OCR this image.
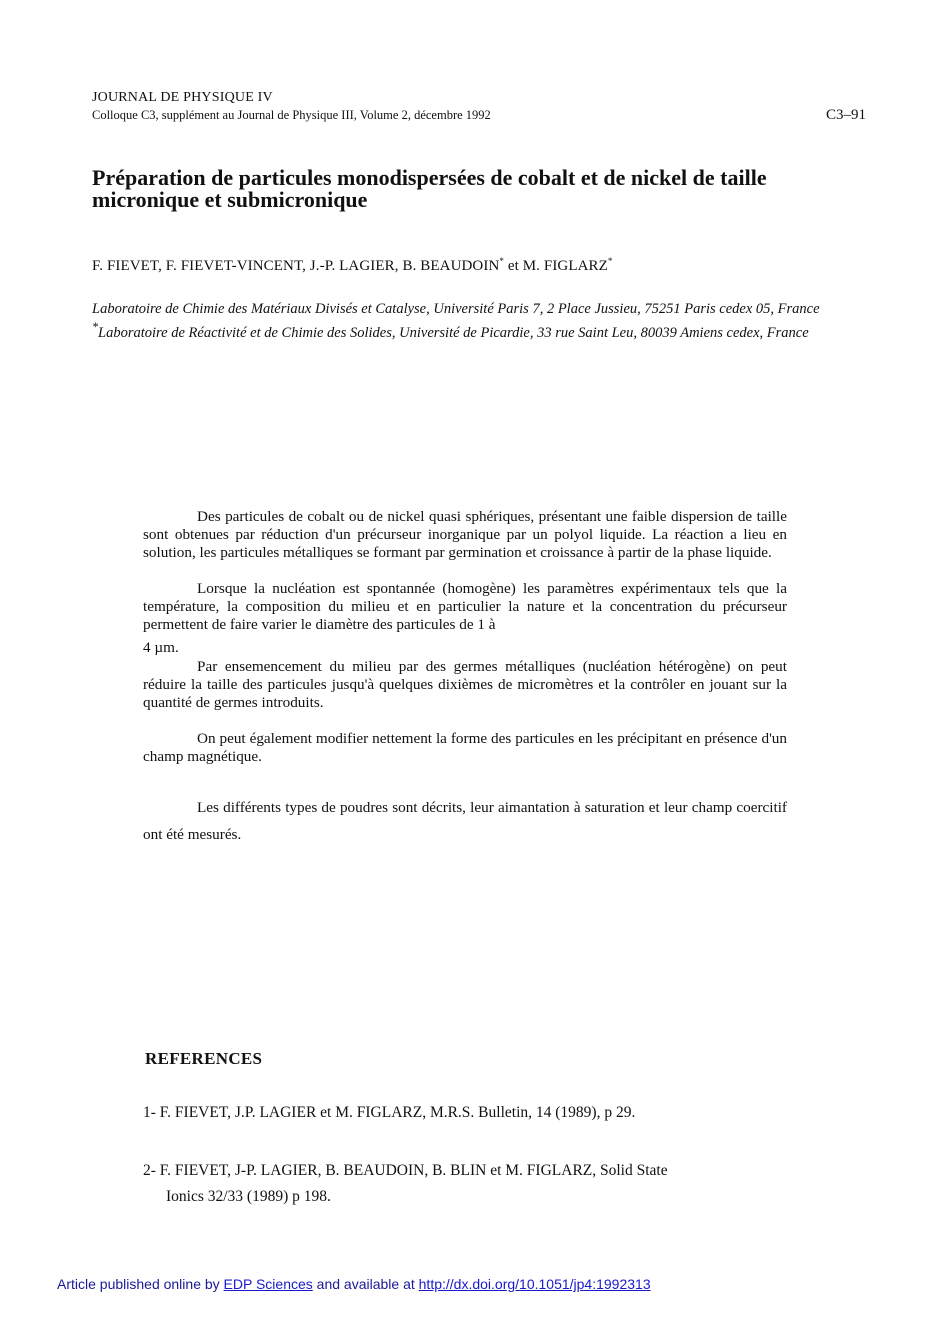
JOURNAL DE PHYSIQUE IV
Colloque C3, supplément au Journal de Physique III, Volume 2, décembre 1992	C3–91
Préparation de particules monodispersées de cobalt et de nickel de taille micronique et submicronique
F. FIEVET, F. FIEVET-VINCENT, J.-P. LAGIER, B. BEAUDOIN* et M. FIGLARZ*

Laboratoire de Chimie des Matériaux Divisés et Catalyse, Université Paris 7, 2 Place Jussieu, 75251 Paris cedex 05, France

*Laboratoire de Réactivité et de Chimie des Solides, Université de Picardie, 33 rue Saint Leu, 80039 Amiens cedex, France

Des particules de cobalt ou de nickel quasi sphériques, présentant une faible dispersion de taille sont obtenues par réduction d'un précurseur inorganique par un polyol liquide. La réaction a lieu en solution, les particules métalliques se formant par germination et croissance à partir de la phase liquide.

Lorsque la nucléation est spontannée (homogène) les paramètres expérimentaux tels que la température, la composition du milieu et en particulier la nature et la concentration du précurseur permettent de faire varier le diamètre des particules de 1 à

4 µm.

Par ensemencement du milieu par des germes métalliques (nucléation hétérogène) on peut réduire la taille des particules jusqu'à quelques dixièmes de micromètres et la contrôler en jouant sur la quantité de germes introduits.

On peut également modifier nettement la forme des particules en les précipitant en présence d'un champ magnétique.

Les différents types de poudres sont décrits, leur aimantation à saturation et leur champ coercitif ont été mesurés.

REFERENCES
1- F. FIEVET, J.P. LAGIER et M. FIGLARZ, M.R.S. Bulletin, 14 (1989), p 29.
2- F. FIEVET, J-P. LAGIER, B. BEAUDOIN, B. BLIN et M. FIGLARZ, Solid State
Ionics 32/33 (1989) p 198.
Article published online by EDP Sciences and available at http://dx.doi.org/10.1051/jp4:1992313
